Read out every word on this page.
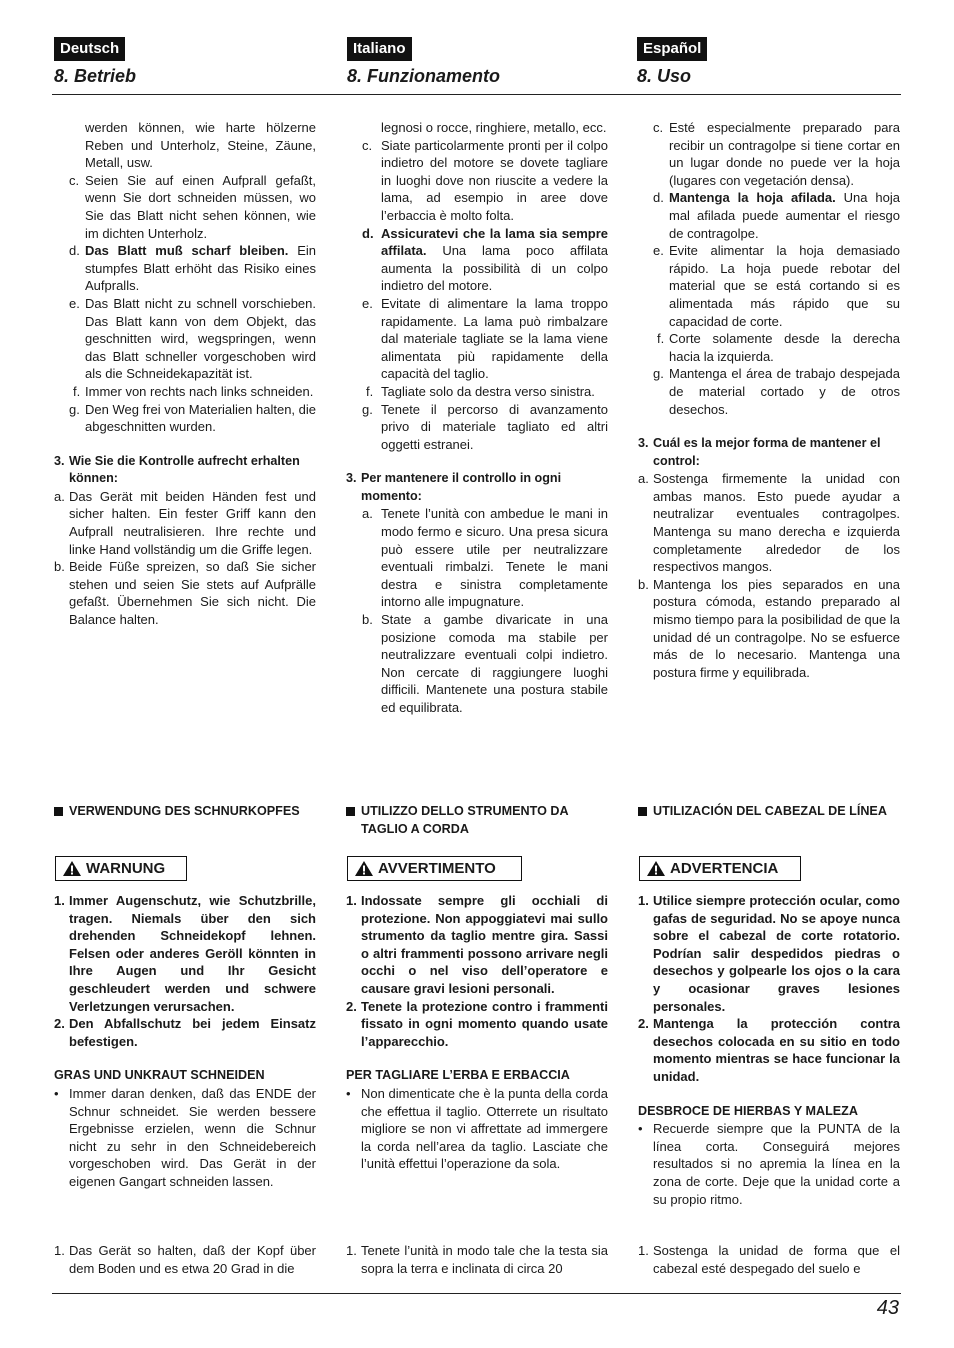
Deutsch
8. Betrieb
Italiano
8. Funzionamento
Español
8. Uso
werden können, wie harte hölzerne Reben und Unterholz, Steine, Zäune, Metall, usw.
c. Seien Sie auf einen Aufprall gefaßt, wenn Sie dort schneiden müssen, wo Sie das Blatt nicht sehen können, wie im dichten Unterholz.
d. Das Blatt muß scharf bleiben. Ein stumpfes Blatt erhöht das Risiko eines Aufpralls.
e. Das Blatt nicht zu schnell vorschieben. Das Blatt kann von dem Objekt, das geschnitten wird, wegspringen, wenn das Blatt schneller vorgeschoben wird als die Schneidekapazität ist.
f. Immer von rechts nach links schneiden.
g. Den Weg frei von Materialien halten, die abgeschnitten wurden.
3. Wie Sie die Kontrolle aufrecht erhalten können:
a. Das Gerät mit beiden Händen fest und sicher halten. Ein fester Griff kann den Aufprall neutralisieren. Ihre rechte und linke Hand vollständig um die Griffe legen.
b. Beide Füße spreizen, so daß Sie sicher stehen und seien Sie stets auf Aufprälle gefaßt. Übernehmen Sie sich nicht. Die Balance halten.
legnosi o rocce, ringhiere, metallo, ecc.
c. Siate particolarmente pronti per il colpo indietro del motore se dovete tagliare in luoghi dove non riuscite a vedere la lama, ad esempio in aree dove l’erbaccia è molto folta.
d. Assicuratevi che la lama sia sempre affilata. Una lama poco affilata aumenta la possibilità di un colpo indietro del motore.
e. Evitate di alimentare la lama troppo rapidamente. La lama può rimbalzare dal materiale tagliate se la lama viene alimentata più rapidamente della capacità del taglio.
f. Tagliate solo da destra verso sinistra.
g. Tenete il percorso di avanzamento privo di materiale tagliato ed altri oggetti estranei.
3. Per mantenere il controllo in ogni momento:
a. Tenete l’unità con ambedue le mani in modo fermo e sicuro. Una presa sicura può essere utile per neutralizzare eventuali rimbalzi. Tenete le mani destra e sinistra completamente intorno alle impugnature.
b. State a gambe divaricate in una posizione comoda ma stabile per neutralizzare eventuali colpi indietro. Non cercate di raggiungere luoghi difficili. Mantenete una postura stabile ed equilibrata.
c. Esté especialmente preparado para recibir un contragolpe si tiene cortar en un lugar donde no puede ver la hoja (lugares con vegetación densa).
d. Mantenga la hoja afilada. Una hoja mal afilada puede aumentar el riesgo de contragolpe.
e. Evite alimentar la hoja demasiado rápido. La hoja puede rebotar del material que se está cortando si es alimentada más rápido que su capacidad de corte.
f. Corte solamente desde la derecha hacia la izquierda.
g. Mantenga el área de trabajo despejada de material cortado y de otros desechos.
3. Cuál es la mejor forma de mantener el control:
a. Sostenga firmemente la unidad con ambas manos. Esto puede ayudar a neutralizar eventuales contragolpes. Mantenga su mano derecha e izquierda completamente alrededor de los respectivos mangos.
b. Mantenga los pies separados en una postura cómoda, estando preparado al mismo tiempo para la posibilidad de que la unidad dé un contragolpe. No se esfuerce más de lo necesario. Mantenga una postura firme y equilibrada.
VERWENDUNG DES SCHNURKOPFES	UTILIZZO DELLO STRUMENTO DA TAGLIO A CORDA
UTILIZACIÓN DEL CABEZAL DE LÍNEA
WARNUNG	AVVERTIMENTO	ADVERTENCIA
1. Immer Augenschutz, wie Schutzbrille, tragen. Niemals über den sich drehenden Schneidekopf lehnen. Felsen oder anderes Geröll könnten in Ihre Augen und Ihr Gesicht geschleudert werden und schwere Verletzungen verursachen.
2. Den Abfallschutz bei jedem Einsatz befestigen.
GRAS UND UNKRAUT SCHNEIDEN
• Immer daran denken, daß das ENDE der Schnur schneidet. Sie werden bessere Ergebnisse erzielen, wenn die Schnur nicht zu sehr in den Schneidebereich vorgeschoben wird. Das Gerät in der eigenen Gangart schneiden lassen.
1. Das Gerät so halten, daß der Kopf über dem Boden und es etwa 20 Grad in die
1. Indossate sempre gli occhiali di protezione. Non appoggiatevi mai sullo strumento da taglio mentre gira. Sassi o altri frammenti possono arrivare negli occhi o nel viso dell’operatore e causare gravi lesioni personali.
2. Tenete la protezione contro i frammenti fissato in ogni momento quando usate l’apparecchio.
PER TAGLIARE L’ERBA E ERBACCIA
• Non dimenticate che è la punta della corda che effettua il taglio. Otterrete un risultato migliore se non vi affrettate ad immergere la corda nell’area da taglio. Lasciate che l’unità effettui l’operazione da sola.
1. Tenete l’unità in modo tale che la testa sia sopra la terra e inclinata di circa 20
1. Utilice siempre protección ocular, como gafas de seguridad. No se apoye nunca sobre el cabezal de corte rotatorio. Podrían salir despedidos piedras o desechos y golpearle los ojos o la cara y ocasionar graves lesiones personales.
2. Mantenga la protección contra desechos colocada en su sitio en todo momento mientras se hace funcionar la unidad.
DESBROCE DE HIERBAS Y MALEZA
• Recuerde siempre que la PUNTA de la línea corta. Conseguirá mejores resultados si no apremia la línea en la zona de corte. Deje que la unidad corte a su propio ritmo.
1. Sostenga la unidad de forma que el cabezal esté despegado del suelo e
43
